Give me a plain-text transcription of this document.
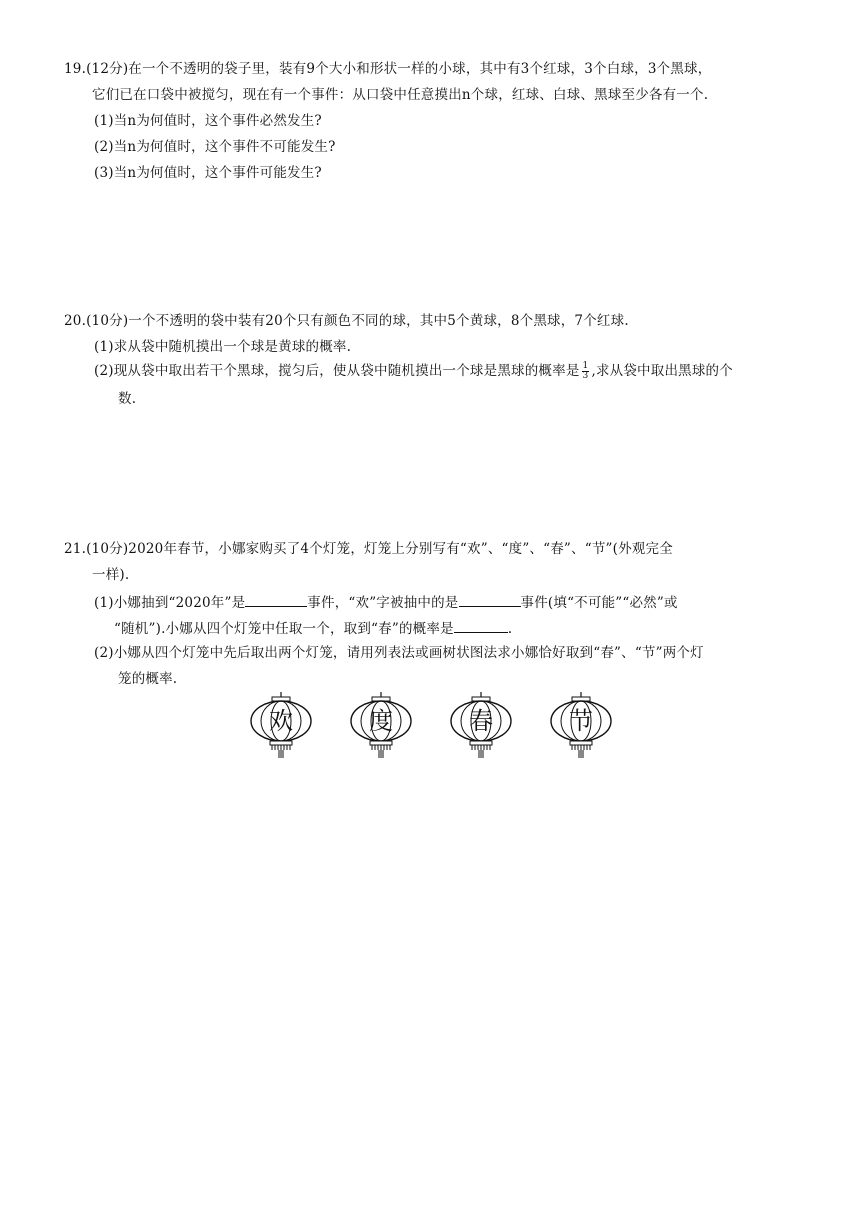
19.(12分)在一个不透明的袋子里，装有9个大小和形状一样的小球，其中有3个红球，3个白球，3个黑球，
它们已在口袋中被搅匀，现在有一个事件：从口袋中任意摸出n个球，红球、白球、黑球至少各有一个.
(1)当n为何值时，这个事件必然发生?
(2)当n为何值时，这个事件不可能发生?
(3)当n为何值时，这个事件可能发生?
20.(10分)一个不透明的袋中装有20个只有颜色不同的球，其中5个黄球，8个黑球，7个红球.
(1)求从袋中随机摸出一个球是黄球的概率.
(2)现从袋中取出若干个黑球，搅匀后，使从袋中随机摸出一个球是黑球的概率是 $\frac{1}{3}$ ,求从袋中取出黑球的个
数.
21.(10分)2020年春节，小娜家购买了4个灯笼，灯笼上分别写有“欢”、“度”、“春”、“节”(外观完全
一样).
(1)小娜抽到“2020年”是	事件，“欢”字被抽中的是	事件(填“不可能”“必然”或
“随机”).小娜从四个灯笼中任取一个，取到“春”的概率是	.
(2)小娜从四个灯笼中先后取出两个灯笼，请用列表法或画树状图法求小娜恰好取到“春”、“节”两个灯
笼的概率.
欢	度	春	节
